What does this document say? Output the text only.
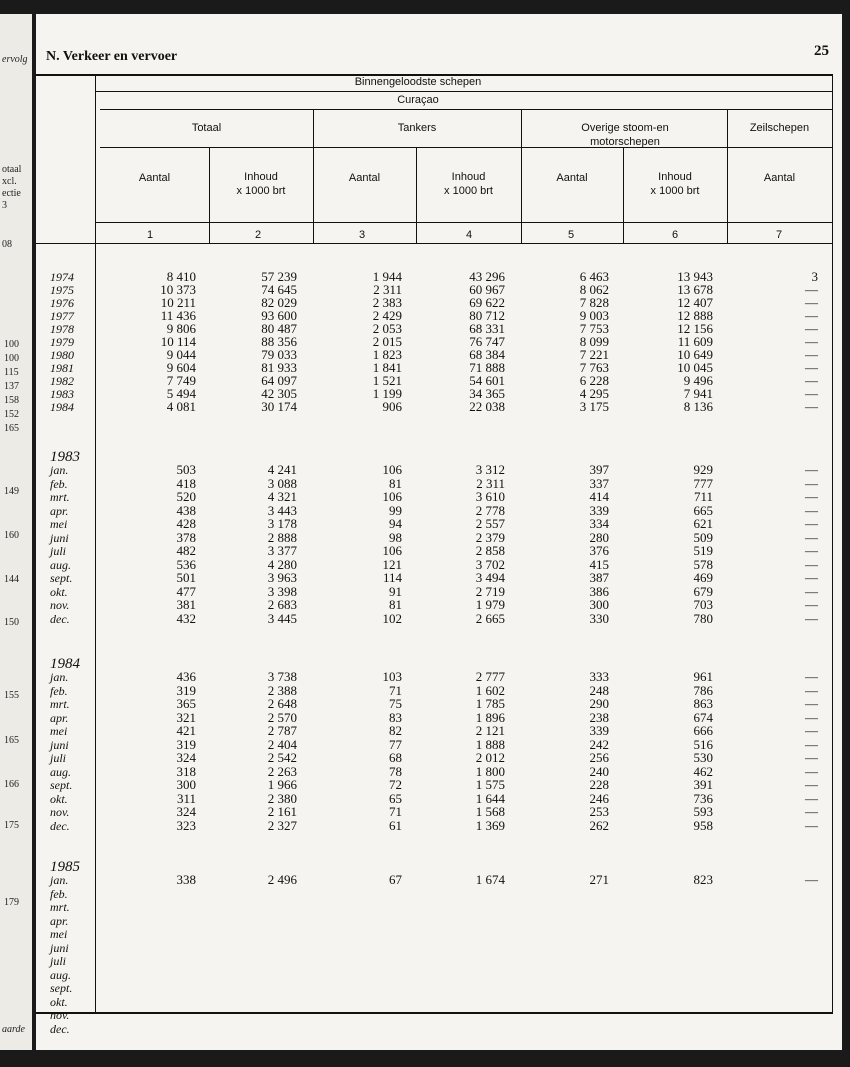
ervolg
otaal
xcl.
ectie
3
08
100
100
115
137
158
152
165
149
160
144
150
155
165
166
175
179
aarde
N. Verkeer en vervoer	25
Binnengeloodste schepen
Curaçao
Totaal	Tankers	Overige stoom-en motorschepen
Zeilschepen
Aantal	Inhoud
x 1000 brt
Aantal	Inhoud
x 1000 brt
Aantal	Inhoud
x 1000 brt
Aantal
1	2	3	4	5	6	7
1974	8 410	57 239	1 944	43 296	6 463	13 943	3
1975	10 373	74 645	2 311	60 967	8 062	13 678	—
1976	10 211	82 029	2 383	69 622	7 828	12 407	—
1977	11 436	93 600	2 429	80 712	9 003	12 888	—
1978	9 806	80 487	2 053	68 331	7 753	12 156	—
1979	10 114	88 356	2 015	76 747	8 099	11 609	—
1980	9 044	79 033	1 823	68 384	7 221	10 649	—
1981	9 604	81 933	1 841	71 888	7 763	10 045	—
1982	7 749	64 097	1 521	54 601	6 228	9 496	—
1983	5 494	42 305	1 199	34 365	4 295	7 941	—
1984	4 081	30 174	906	22 038	3 175	8 136	—
1983
jan.	503	4 241	106	3 312	397	929	—
feb.	418	3 088	81	2 311	337	777	—
mrt.	520	4 321	106	3 610	414	711	—
apr.	438	3 443	99	2 778	339	665	—
mei	428	3 178	94	2 557	334	621	—
juni	378	2 888	98	2 379	280	509	—
juli	482	3 377	106	2 858	376	519	—
aug.	536	4 280	121	3 702	415	578	—
sept.	501	3 963	114	3 494	387	469	—
okt.	477	3 398	91	2 719	386	679	—
nov.	381	2 683	81	1 979	300	703	—
dec.	432	3 445	102	2 665	330	780	—
1984
jan.	436	3 738	103	2 777	333	961	—
feb.	319	2 388	71	1 602	248	786	—
mrt.	365	2 648	75	1 785	290	863	—
apr.	321	2 570	83	1 896	238	674	—
mei	421	2 787	82	2 121	339	666	—
juni	319	2 404	77	1 888	242	516	—
juli	324	2 542	68	2 012	256	530	—
aug.	318	2 263	78	1 800	240	462	—
sept.	300	1 966	72	1 575	228	391	—
okt.	311	2 380	65	1 644	246	736	—
nov.	324	2 161	71	1 568	253	593	—
dec.	323	2 327	61	1 369	262	958	—
1985
jan.	338	2 496	67	1 674	271	823	—
feb.
mrt.
apr.
mei
juni
juli
aug.
sept.
okt.
nov.
dec.
